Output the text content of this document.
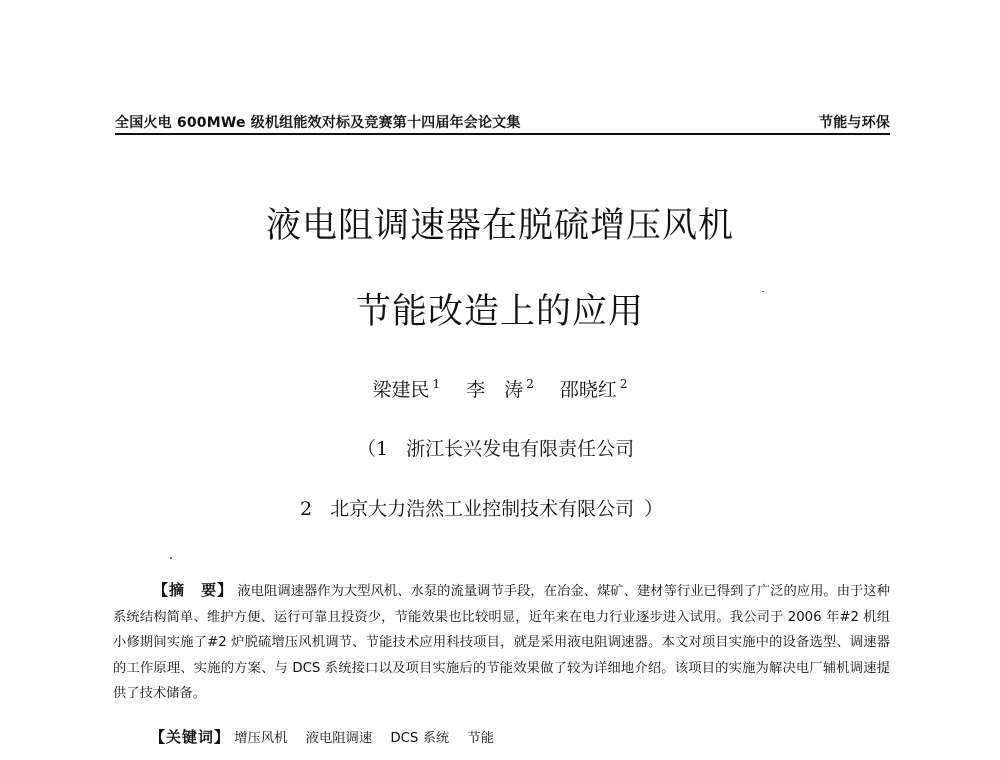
全国火电 600MWe 级机组能效对标及竞赛第十四届年会论文集	节能与环保
液电阻调速器在脱硫增压风机
节能改造上的应用
梁建民 $^1$ 李　涛 $^2$ 邵晓红 $^2$
（1 浙江长兴发电有限责任公司
2 北京大力浩然工业控制技术有限公司 ）
【摘　要】 液电阻调速器作为大型风机、水泵的流量调节手段，在冶金、煤矿、建材等行业已得到了广泛的应用。由于这种系统结构简单、维护方便、运行可靠且投资少，节能效果也比较明显，近年来在电力行业逐步进入试用。我公司于 2006 年#2 机组小修期间实施了#2 炉脱硫增压风机调节、节能技术应用科技项目，就是采用液电阻调速器。本文对项目实施中的设备选型、调速器的工作原理、实施的方案、与 DCS 系统接口以及项目实施后的节能效果做了较为详细地介绍。该项目的实施为解决电厂辅机调速提供了技术储备。
【关键词】 增压风机 液电阻调速 DCS 系统 节能
